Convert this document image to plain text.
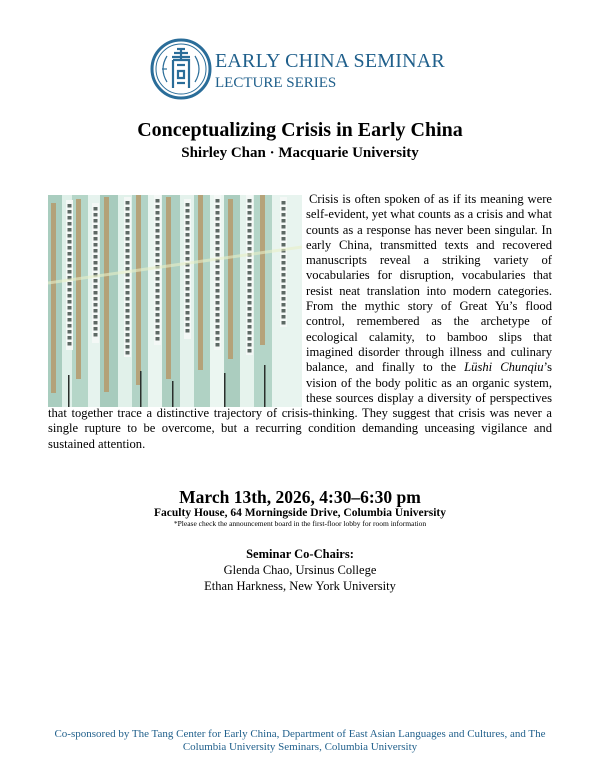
EARLY CHINA SEMINAR
LECTURE SERIES
Conceptualizing Crisis in Early China
Shirley Chan · Macquarie University
Crisis is often spoken of as if its meaning were self-evident, yet what counts as a crisis and what counts as a response has never been singular. In early China, transmitted texts and recovered manuscripts reveal a striking variety of vocabularies for disruption, vocabularies that resist neat translation into modern categories. From the mythic story of Great Yu’s flood control, remembered as the archetype of ecological calamity, to bamboo slips that imagined disorder through illness and culinary balance, and finally to the Lüshi Chunqiu’s vision of the body politic as an organic system, these sources display a diversity of perspectives that together trace a distinctive trajectory of crisis-thinking. They suggest that crisis was never a single rupture to be overcome, but a recurring condition demanding unceasing vigilance and sustained attention.
March 13th, 2026, 4:30–6:30 pm
Faculty House, 64 Morningside Drive, Columbia University
*Please check the announcement board in the first-floor lobby for room information
Seminar Co-Chairs:
Glenda Chao, Ursinus College
Ethan Harkness, New York University
Co-sponsored by The Tang Center for Early China, Department of East Asian Languages and Cultures, and The
Columbia University Seminars, Columbia University
